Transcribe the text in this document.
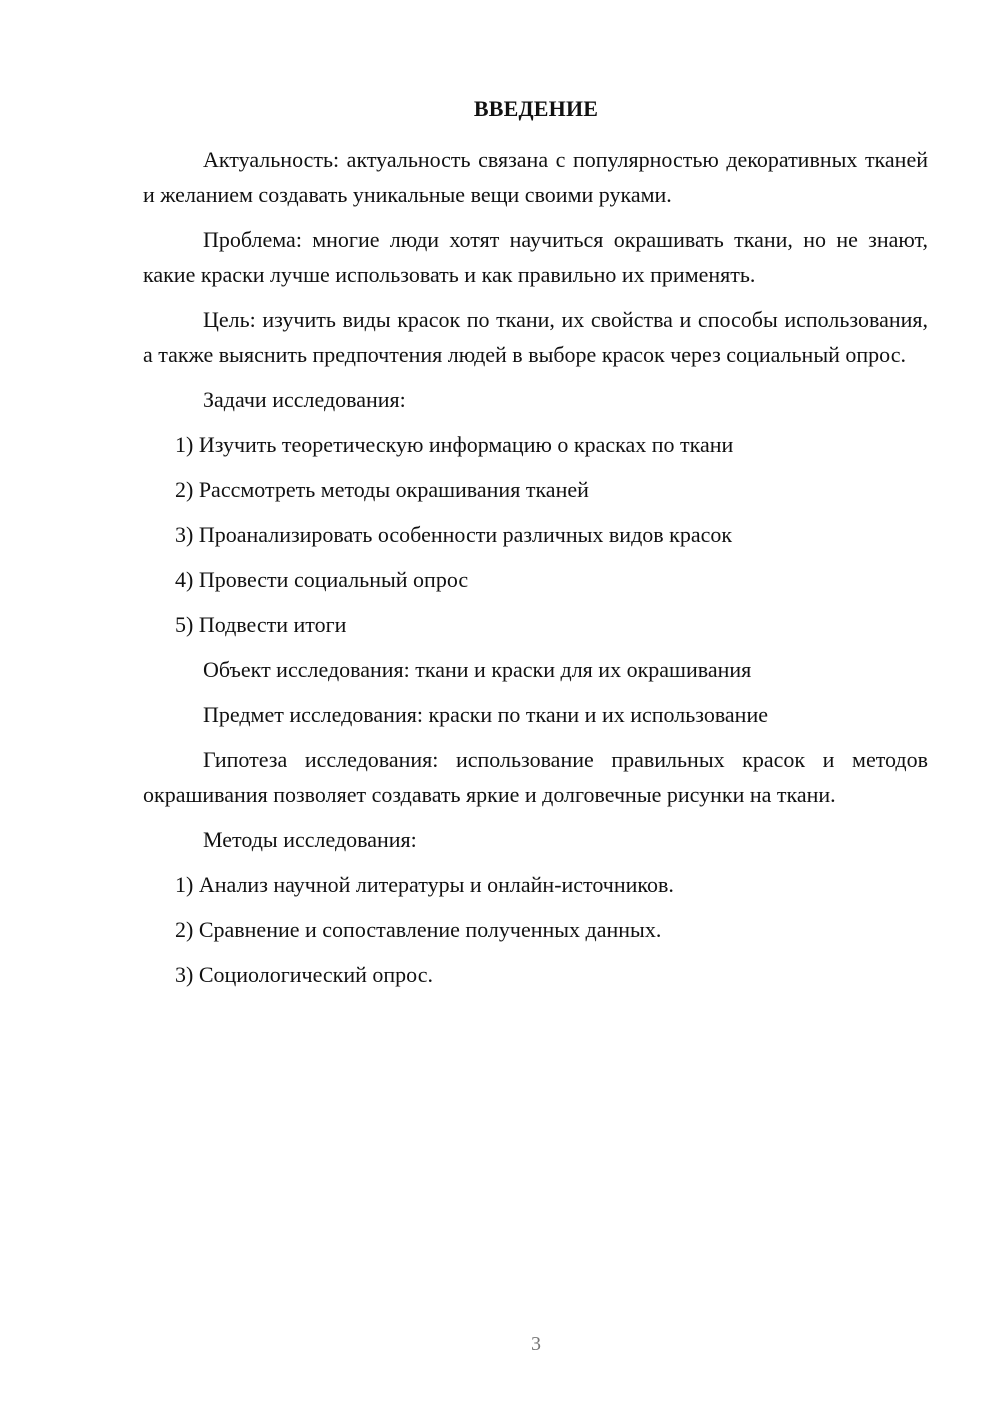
ВВЕДЕНИЕ

Актуальность: актуальность связана с популярностью декоративных тканей и желанием создавать уникальные вещи своими руками.

Проблема: многие люди хотят научиться окрашивать ткани, но не знают, какие краски лучше использовать и как правильно их применять.

Цель: изучить виды красок по ткани, их свойства и способы использования, а также выяснить предпочтения людей в выборе красок через социальный опрос.

Задачи исследования:

1) Изучить теоретическую информацию о красках по ткани

2) Рассмотреть методы окрашивания тканей

3) Проанализировать особенности различных видов красок

4) Провести социальный опрос

5) Подвести итоги

Объект исследования: ткани и краски для их окрашивания

Предмет исследования: краски по ткани и их использование

Гипотеза исследования: использование правильных красок и методов окрашивания позволяет создавать яркие и долговечные рисунки на ткани.

Методы исследования:

1) Анализ научной литературы и онлайн-источников.

2) Сравнение и сопоставление полученных данных.

3) Социологический опрос.

3
